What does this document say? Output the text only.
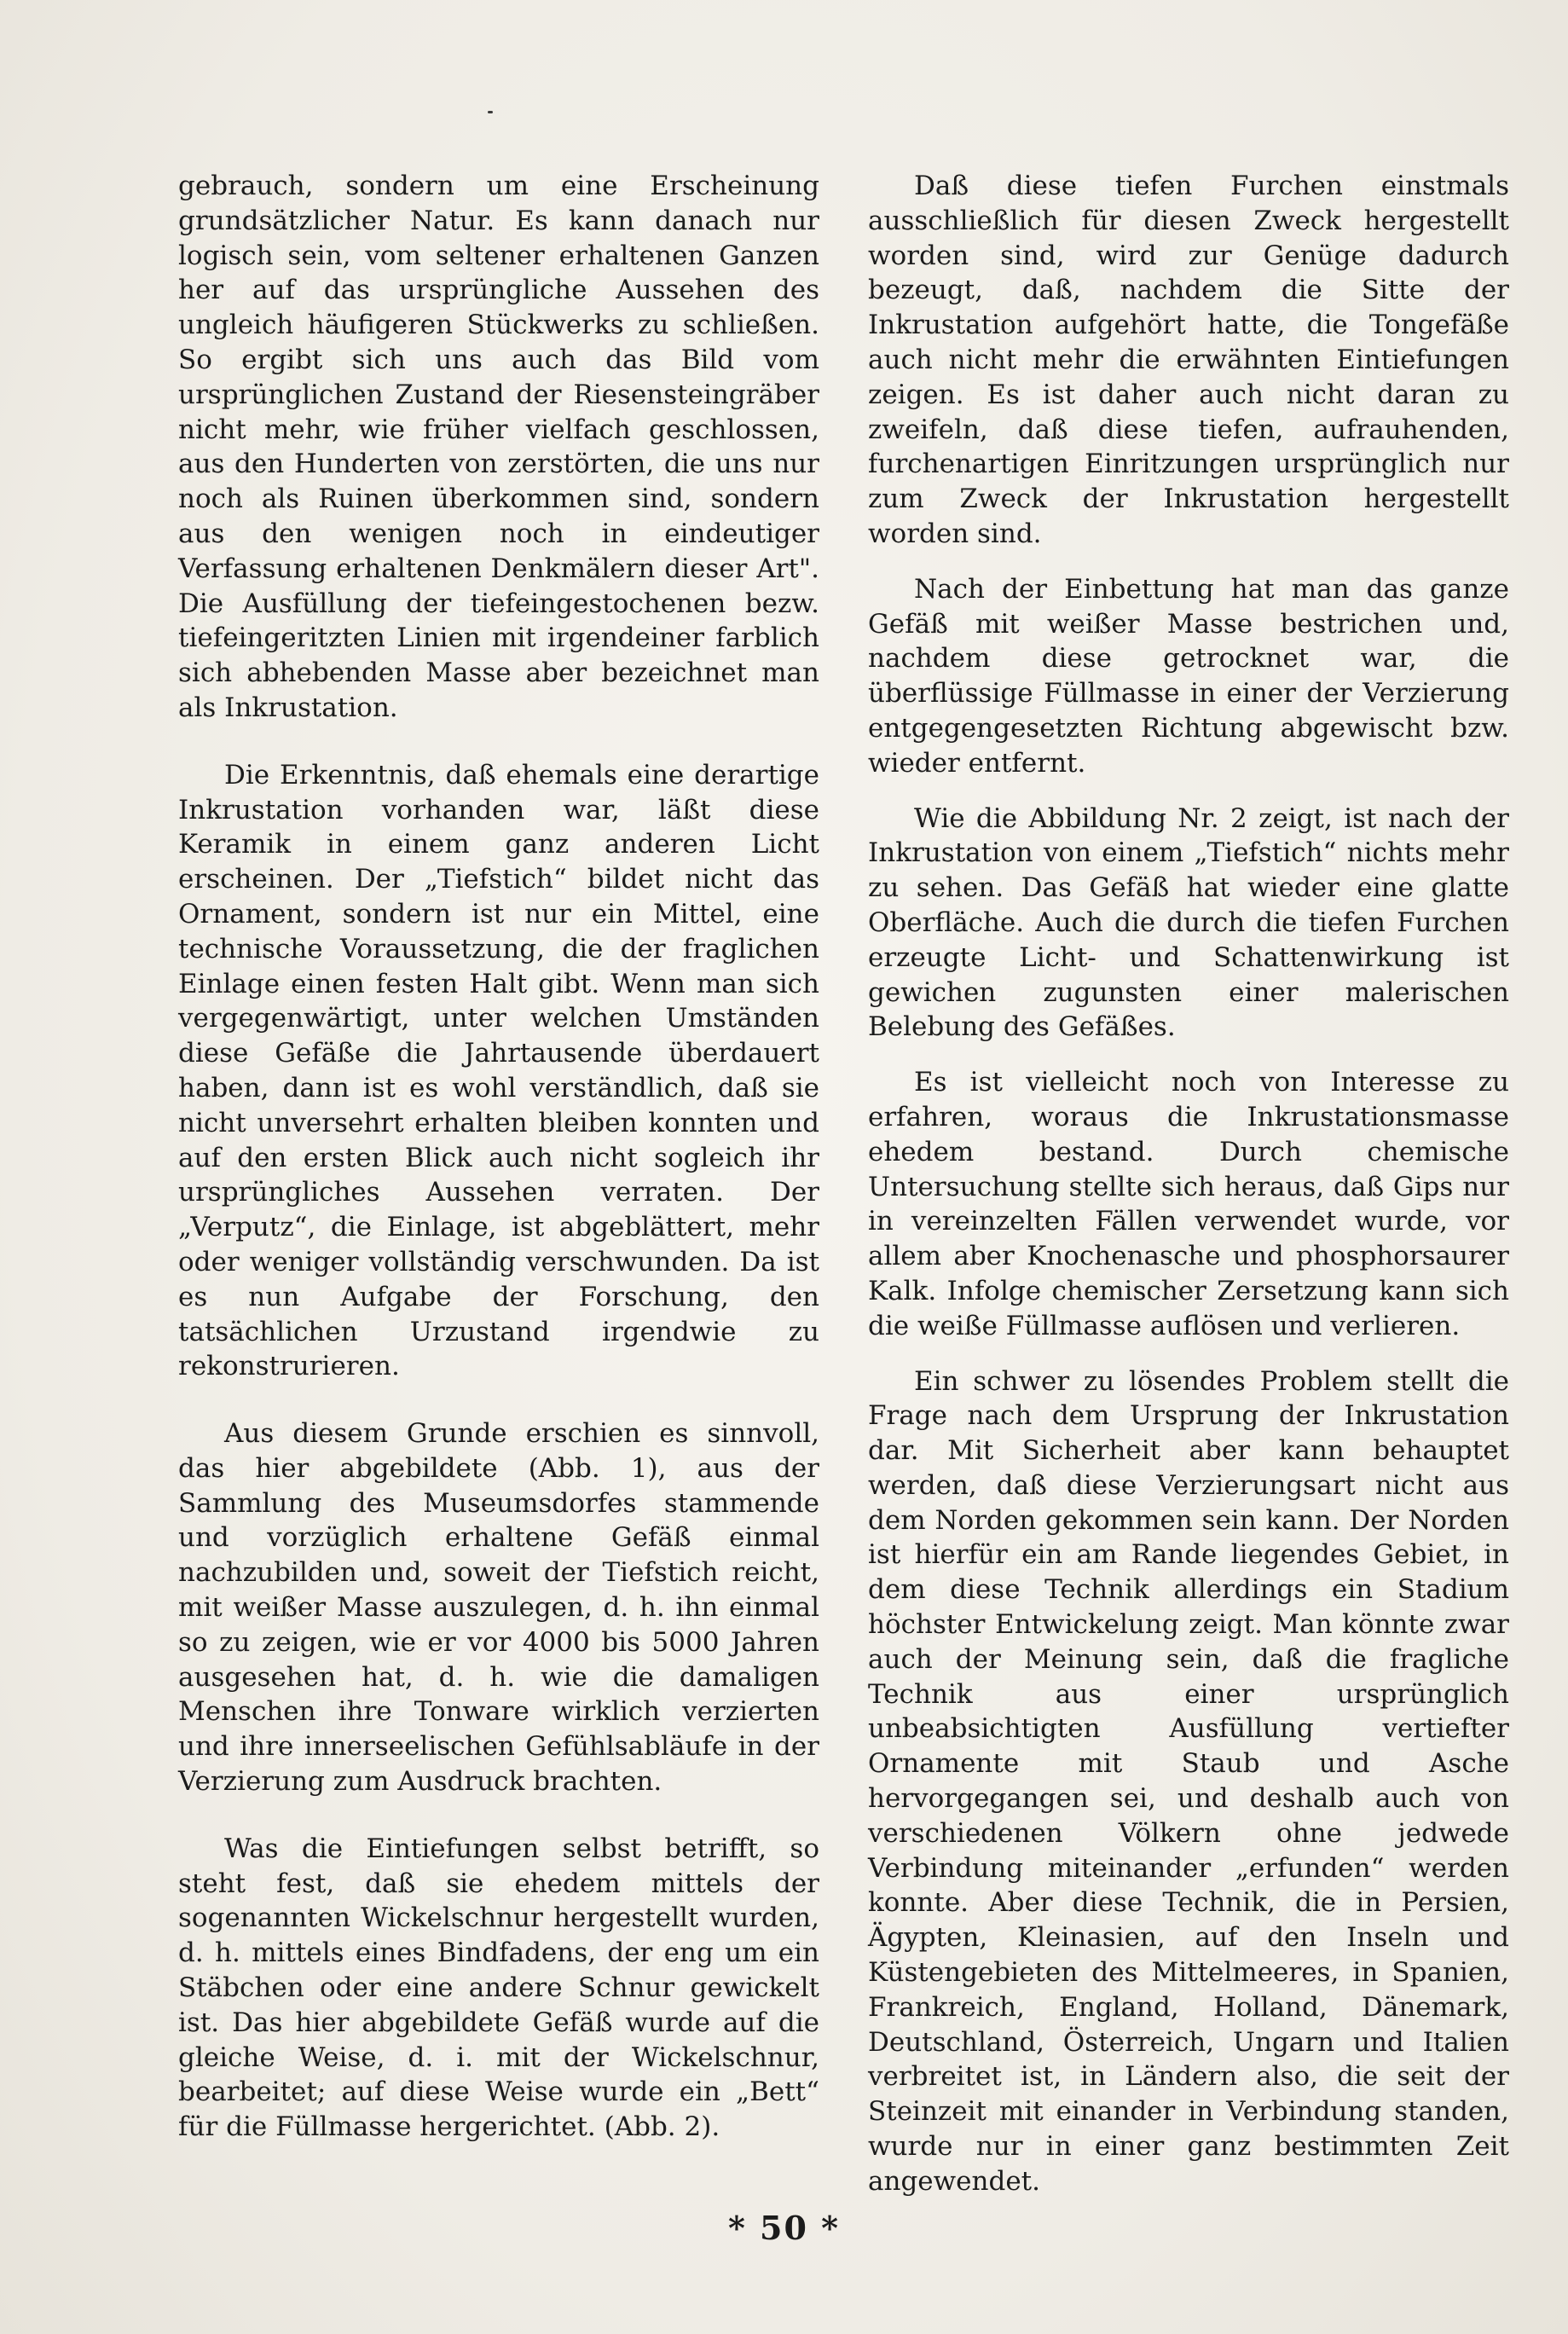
gebrauch, sondern um eine Erscheinung grundsätzlicher Natur. Es kann danach nur logisch sein, vom seltener erhaltenen Ganzen her auf das ursprüngliche Aussehen des ungleich häufigeren Stückwerks zu schließen. So ergibt sich uns auch das Bild vom ursprünglichen Zustand der Riesensteingräber nicht mehr, wie früher vielfach geschlossen, aus den Hunderten von zerstörten, die uns nur noch als Ruinen überkommen sind, sondern aus den wenigen noch in eindeutiger Verfassung erhaltenen Denkmälern dieser Art". Die Ausfüllung der tiefeingestochenen bezw. tiefeingeritzten Linien mit irgendeiner farblich sich abhebenden Masse aber bezeichnet man als Inkrustation.

Die Erkenntnis, daß ehemals eine derartige Inkrustation vorhanden war, läßt diese Keramik in einem ganz anderen Licht erscheinen. Der „Tiefstich“ bildet nicht das Ornament, sondern ist nur ein Mittel, eine technische Voraussetzung, die der fraglichen Einlage einen festen Halt gibt. Wenn man sich vergegenwärtigt, unter welchen Umständen diese Gefäße die Jahrtausende überdauert haben, dann ist es wohl verständlich, daß sie nicht unversehrt erhalten bleiben konnten und auf den ersten Blick auch nicht sogleich ihr ursprüngliches Aussehen verraten. Der „Verputz“, die Einlage, ist abgeblättert, mehr oder weniger vollständig verschwunden. Da ist es nun Aufgabe der Forschung, den tatsächlichen Urzustand irgendwie zu rekonstrurieren.

Aus diesem Grunde erschien es sinnvoll, das hier abgebildete (Abb. 1), aus der Sammlung des Museumsdorfes stammende und vorzüglich erhaltene Gefäß einmal nachzubilden und, soweit der Tiefstich reicht, mit weißer Masse auszulegen, d. h. ihn einmal so zu zeigen, wie er vor 4000 bis 5000 Jahren ausgesehen hat, d. h. wie die damaligen Menschen ihre Tonware wirklich verzierten und ihre innerseelischen Gefühlsabläufe in der Verzierung zum Ausdruck brachten.

Was die Eintiefungen selbst betrifft, so steht fest, daß sie ehedem mittels der sogenannten Wickelschnur hergestellt wurden, d. h. mittels eines Bindfadens, der eng um ein Stäbchen oder eine andere Schnur gewickelt ist. Das hier abgebildete Gefäß wurde auf die gleiche Weise, d. i. mit der Wickelschnur, bearbeitet; auf diese Weise wurde ein „Bett“ für die Füllmasse hergerichtet. (Abb. 2).

Daß diese tiefen Furchen einstmals ausschließlich für diesen Zweck hergestellt worden sind, wird zur Genüge dadurch bezeugt, daß, nachdem die Sitte der Inkrustation aufgehört hatte, die Tongefäße auch nicht mehr die erwähnten Eintiefungen zeigen. Es ist daher auch nicht daran zu zweifeln, daß diese tiefen, aufrauhenden, furchenartigen Einritzungen ursprünglich nur zum Zweck der Inkrustation hergestellt worden sind.

Nach der Einbettung hat man das ganze Gefäß mit weißer Masse bestrichen und, nachdem diese getrocknet war, die überflüssige Füllmasse in einer der Verzierung entgegengesetzten Richtung abgewischt bzw. wieder entfernt.

Wie die Abbildung Nr. 2 zeigt, ist nach der Inkrustation von einem „Tiefstich“ nichts mehr zu sehen. Das Gefäß hat wieder eine glatte Oberfläche. Auch die durch die tiefen Furchen erzeugte Licht- und Schattenwirkung ist gewichen zugunsten einer malerischen Belebung des Gefäßes.

Es ist vielleicht noch von Interesse zu erfahren, woraus die Inkrustationsmasse ehedem bestand. Durch chemische Untersuchung stellte sich heraus, daß Gips nur in vereinzelten Fällen verwendet wurde, vor allem aber Knochenasche und phosphorsaurer Kalk. Infolge chemischer Zersetzung kann sich die weiße Füllmasse auflösen und verlieren.

Ein schwer zu lösendes Problem stellt die Frage nach dem Ursprung der Inkrustation dar. Mit Sicherheit aber kann behauptet werden, daß diese Verzierungsart nicht aus dem Norden gekommen sein kann. Der Norden ist hierfür ein am Rande liegendes Gebiet, in dem diese Technik allerdings ein Stadium höchster Entwickelung zeigt. Man könnte zwar auch der Meinung sein, daß die fragliche Technik aus einer ursprünglich unbeabsichtigten Ausfüllung vertiefter Ornamente mit Staub und Asche hervorgegangen sei, und deshalb auch von verschiedenen Völkern ohne jedwede Verbindung miteinander „erfunden“ werden konnte. Aber diese Technik, die in Persien, Ägypten, Kleinasien, auf den Inseln und Küstengebieten des Mittelmeeres, in Spanien, Frankreich, England, Holland, Dänemark, Deutschland, Österreich, Ungarn und Italien verbreitet ist, in Ländern also, die seit der Steinzeit mit einander in Verbindung standen, wurde nur in einer ganz bestimmten Zeit angewendet.

* 50 *
